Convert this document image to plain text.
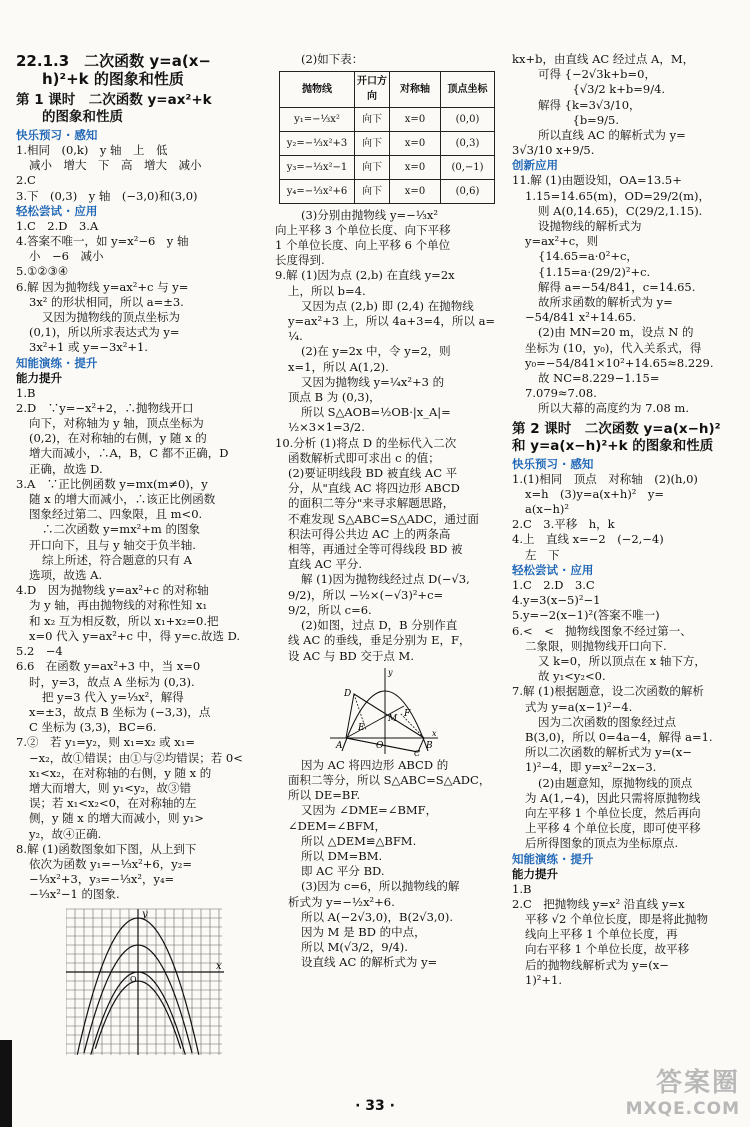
22.1.3　二次函数 y=a(x−
h)²+k 的图象和性质
第 1 课时　二次函数 y=ax²+k
的图象和性质
快乐预习 · 感知
1.相同　(0,k)　y 轴　上　低
减小　增大　下　高　增大　减小
2.C
3.下　(0,3)　y 轴　(−3,0)和(3,0)
轻松尝试 · 应用
1.C　2.D　3.A
4.答案不唯一，如 y=x²−6　y 轴
小　−6　减小
5.①②③④
6.解 因为抛物线 y=ax²+c 与 y=
3x² 的形状相同，所以 a=±3.
又因为抛物线的顶点坐标为
(0,1)，所以所求表达式为 y=
3x²+1 或 y=−3x²+1.
知能演练 · 提升
能力提升
1.B
2.D　∵y=−x²+2，∴抛物线开口
向下，对称轴为 y 轴，顶点坐标为
(0,2)，在对称轴的右侧，y 随 x 的
增大而减小，∴A，B，C 都不正确，D
正确，故选 D.
3.A　∵正比例函数 y=mx(m≠0)，y
随 x 的增大而减小，∴该正比例函数
图象经过第二、四象限，且 m<0.
∴二次函数 y=mx²+m 的图象
开口向下，且与 y 轴交于负半轴.
综上所述，符合题意的只有 A
选项，故选 A.
4.D　因为抛物线 y=ax²+c 的对称轴
为 y 轴，再由抛物线的对称性知 x₁
和 x₂ 互为相反数，所以 x₁+x₂=0.把
x=0 代入 y=ax²+c 中，得 y=c.故选 D.
5.2　−4
6.6　在函数 y=ax²+3 中，当 x=0
时，y=3，故点 A 坐标为 (0,3).
把 y=3 代入 y=⅓x²，解得
x=±3，故点 B 坐标为 (−3,3)，点
C 坐标为 (3,3)，BC=6.
7.②　若 y₁=y₂，则 x₁=x₂ 或 x₁=
−x₂，故①错误；由①与②均错误；若 0<
x₁<x₂，在对称轴的右侧，y 随 x 的
增大而增大，则 y₁<y₂，故③错
误；若 x₁<x₂<0，在对称轴的左
侧，y 随 x 的增大而减小，则 y₁>
y₂，故④正确.
8.解 (1)函数图象如下图，从上到下
依次为函数 y₁=−⅓x²+6，y₂=
−⅓x²+3，y₃=−⅓x²，y₄=
−⅓x²−1 的图象.
x
y
O
(2)如下表：
抛物线	开口方向	对称轴	顶点坐标
y₁=−⅓x²	向下	x=0	(0,0)
y₂=−⅓x²+3	向下	x=0	(0,3)
y₃=−⅓x²−1	向下	x=0	(0,−1)
y₄=−⅓x²+6	向下	x=0	(0,6)
(3)分别由抛物线 y=−⅓x²
向上平移 3 个单位长度、向下平移
1 个单位长度、向上平移 6 个单位
长度得到.
9.解 (1)因为点 (2,b) 在直线 y=2x
上，所以 b=4.
又因为点 (2,b) 即 (2,4) 在抛物线
y=ax²+3 上，所以 4a+3=4，所以 a=
¼.
(2)在 y=2x 中，令 y=2，则
x=1，所以 A(1,2).
又因为抛物线 y=¼x²+3 的
顶点 B 为 (0,3)，
所以 S△AOB=½OB·|x_A|=
½×3×1=3/2.
10.分析 (1)将点 D 的坐标代入二次
函数解析式即可求出 c 的值；
(2)要证明线段 BD 被直线 AC 平
分，从"直线 AC 将四边形 ABCD
的面积二等分"来寻求解题思路，
不难发现 S△ABC=S△ADC，通过面
积法可得公共边 AC 上的两条高
相等，再通过全等可得线段 BD 被
直线 AC 平分.
解 (1)因为抛物线经过点 D(−√3,
9/2)，所以 −½×(−√3)²+c=
9/2，所以 c=6.
(2)如图，过点 D，B 分别作直
线 AC 的垂线，垂足分别为 E，F，
设 AC 与 BD 交于点 M.
D
E
F
M
A	O	B
C
x
y
因为 AC 将四边形 ABCD 的
面积二等分，所以 S△ABC=S△ADC，
所以 DE=BF.
又因为 ∠DME=∠BMF，
∠DEM=∠BFM，
所以 △DEM≌△BFM.
所以 DM=BM.
即 AC 平分 BD.
(3)因为 c=6，所以抛物线的解
析式为 y=−½x²+6.
所以 A(−2√3,0)，B(2√3,0).
因为 M 是 BD 的中点，
所以 M(√3/2，9/4).
设直线 AC 的解析式为 y=
kx+b，由直线 AC 经过点 A，M，
可得 {−2√3k+b=0，
　　　{√3/2 k+b=9/4.
解得 {k=3√3/10，
　　　{b=9/5.
所以直线 AC 的解析式为 y=
3√3/10 x+9/5.
创新应用
11.解 (1)由题设知，OA=13.5+
1.15=14.65(m)，OD=29/2(m)，
则 A(0,14.65)，C(29/2,1.15).
设抛物线的解析式为
y=ax²+c，则
{14.65=a·0²+c，
{1.15=a·(29/2)²+c.
解得 a=−54/841，c=14.65.
故所求函数的解析式为 y=
−54/841 x²+14.65.
(2)由 MN=20 m，设点 N 的
坐标为 (10，y₀)，代入关系式，得
y₀=−54/841×10²+14.65≈8.229.
故 NC=8.229−1.15=
7.079≈7.08.
所以大幕的高度约为 7.08 m.
第 2 课时　二次函数 y=a(x−h)²
和 y=a(x−h)²+k 的图象和性质
快乐预习 · 感知
1.(1)相同　顶点　对称轴　(2)(h,0)
x=h　(3)y=a(x+h)²　y=
a(x−h)²
2.C　3.平移　h，k
4.上　直线 x=−2　(−2,−4)
左　下
轻松尝试 · 应用
1.C　2.D　3.C
4.y=3(x−5)²−1
5.y=−2(x−1)²(答案不唯一)
6.<　<　抛物线图象不经过第一、
二象限，则抛物线开口向下.
又 k=0，所以顶点在 x 轴下方，
故 y₁<y₂<0.
7.解 (1)根据题意，设二次函数的解析
式为 y=a(x−1)²−4.
因为二次函数的图象经过点
B(3,0)，所以 0=4a−4，解得 a=1.
所以二次函数的解析式为 y=(x−
1)²−4，即 y=x²−2x−3.
(2)由题意知，原抛物线的顶点
为 A(1,−4)，因此只需将原抛物线
向左平移 1 个单位长度，然后再向
上平移 4 个单位长度，即可使平移
后所得图象的顶点为坐标原点.
知能演练 · 提升
能力提升
1.B
2.C　把抛物线 y=x² 沿直线 y=x
平移 √2 个单位长度，即是将此抛物
线向上平移 1 个单位长度，再
向右平移 1 个单位长度，故平移
后的抛物线解析式为 y=(x−
1)²+1.
· 33 ·
答案圈
MXQE.COM
